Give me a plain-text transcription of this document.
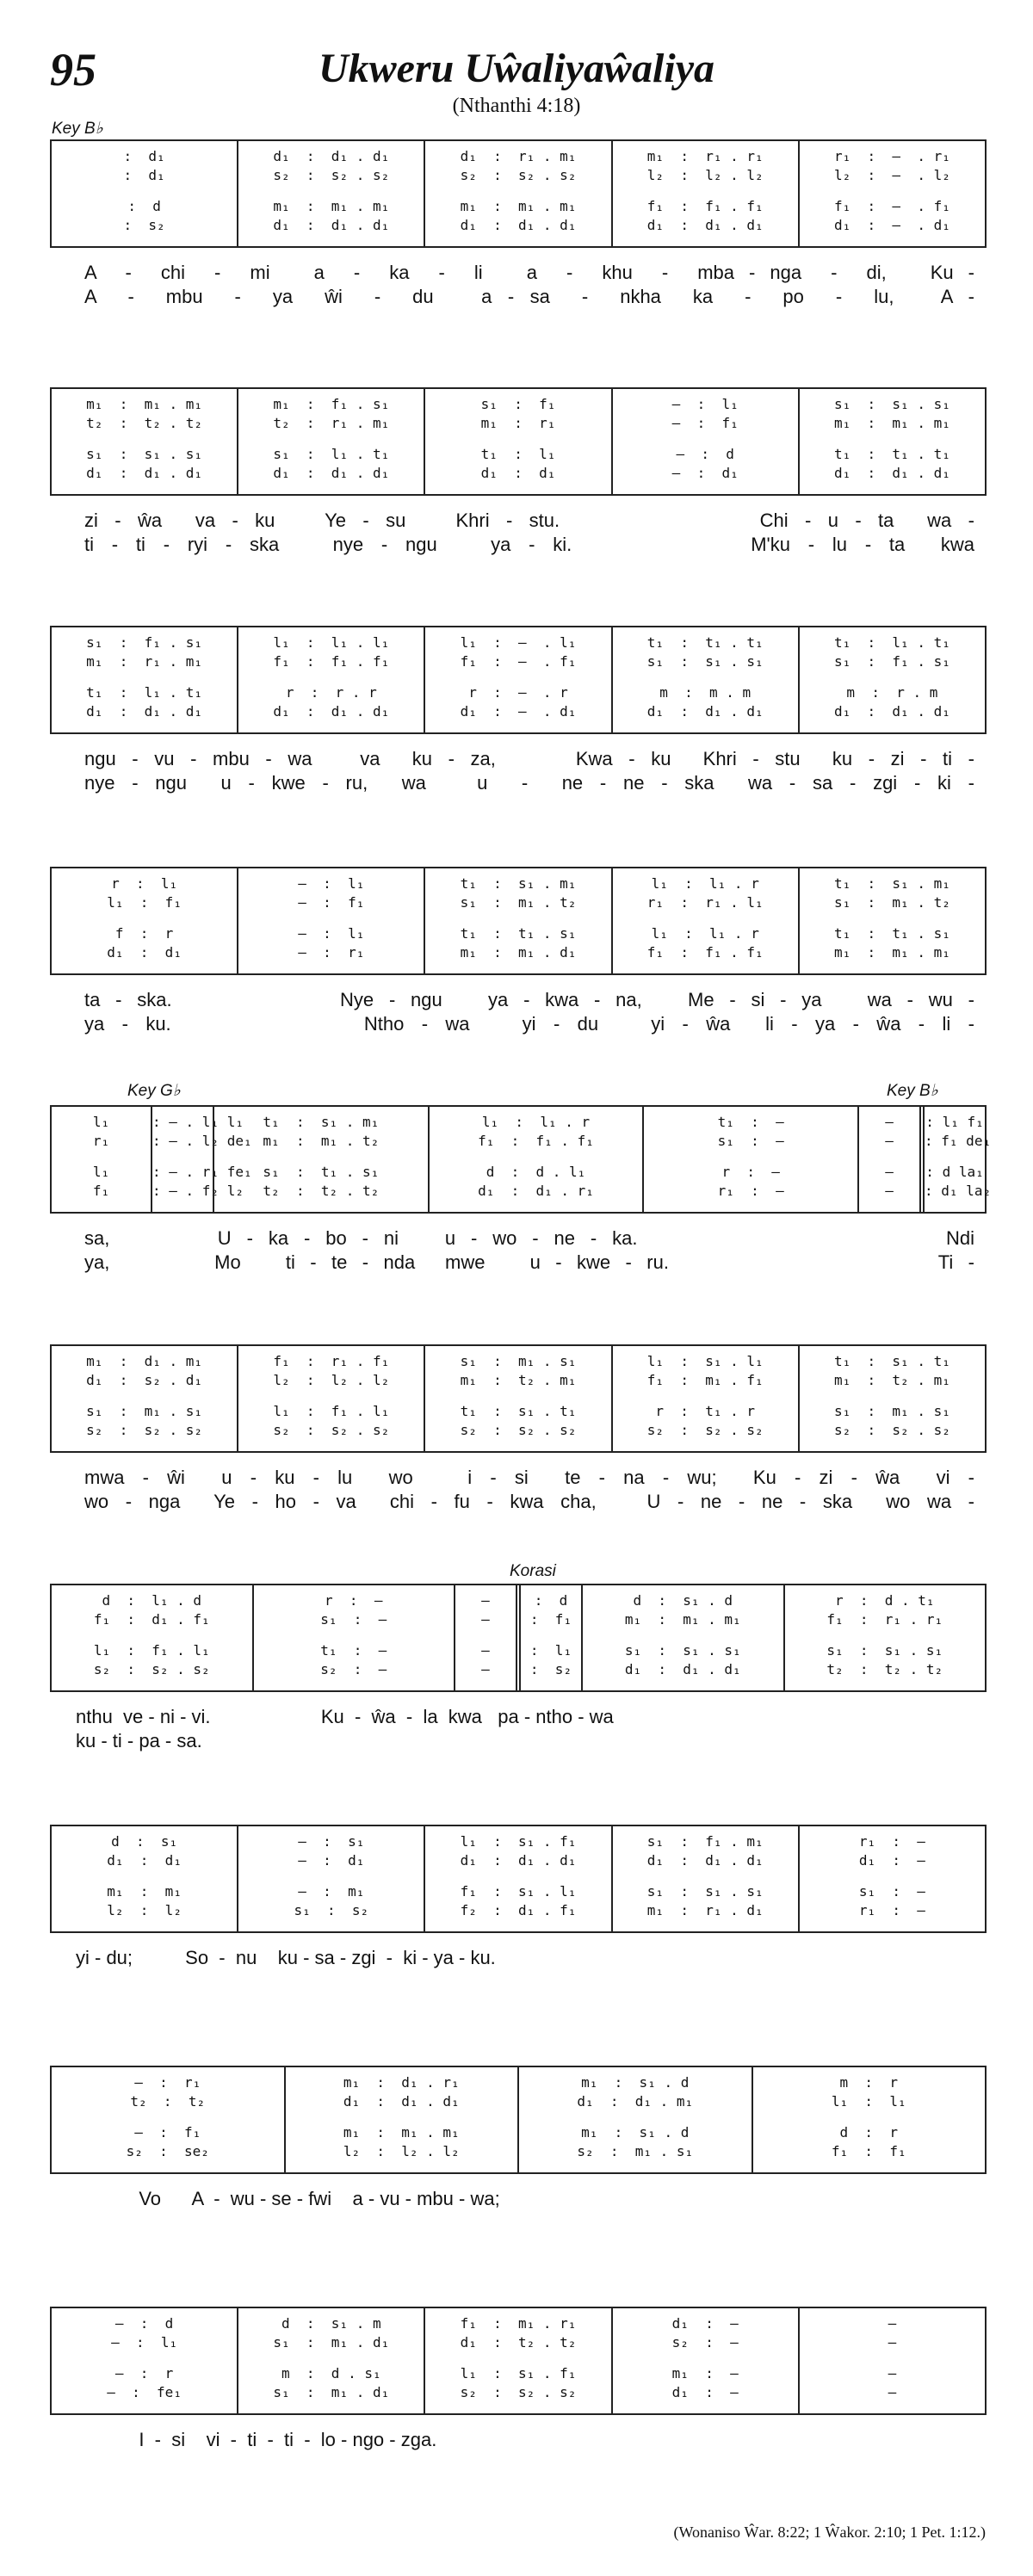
95	Ukweru Uŵaliyaŵaliya
(Nthanthi 4:18)
Key B♭
Key G♭	Key B♭
Korasi
:  d₁
:  d₁
:  d
:  s₂
d₁  :  d₁ . d₁
s₂  :  s₂ . s₂
m₁  :  m₁ . m₁
d₁  :  d₁ . d₁
d₁  :  r₁ . m₁
s₂  :  s₂ . s₂
m₁  :  m₁ . m₁
d₁  :  d₁ . d₁
m₁  :  r₁ . r₁
l₂  :  l₂ . l₂
f₁  :  f₁ . f₁
d₁  :  d₁ . d₁
r₁  :  –  . r₁
l₂  :  –  . l₂
f₁  :  –  . f₁
d₁  :  –  . d₁
A  -  chi  -  mi   a  -  ka  -  li   a  -  khu  -  mba - nga  -  di,   Ku -
A  -  mbu  -  ya  ŵi  -  du   a - sa  -  nkha  ka  -  po  -  lu,   A -
m₁  :  m₁ . m₁
t₂  :  t₂ . t₂
s₁  :  s₁ . s₁
d₁  :  d₁ . d₁
m₁  :  f₁ . s₁
t₂  :  r₁ . m₁
s₁  :  l₁ . t₁
d₁  :  d₁ . d₁
s₁  :  f₁
m₁  :  r₁
t₁  :  l₁
d₁  :  d₁
—  :  l₁
—  :  f₁
—  :  d
—  :  d₁
s₁  :  s₁ . s₁
m₁  :  m₁ . m₁
t₁  :  t₁ . t₁
d₁  :  d₁ . d₁
zi - ŵa  va - ku   Ye - su   Khri - stu.            Chi - u - ta  wa -
ti - ti - ryi - ska   nye - ngu   ya - ki.          M'ku - lu - ta  kwa
s₁  :  f₁ . s₁
m₁  :  r₁ . m₁
t₁  :  l₁ . t₁
d₁  :  d₁ . d₁
l₁  :  l₁ . l₁
f₁  :  f₁ . f₁
r  :  r . r
d₁  :  d₁ . d₁
l₁  :  –  . l₁
f₁  :  –  . f₁
r  :  –  . r
d₁  :  –  . d₁
t₁  :  t₁ . t₁
s₁  :  s₁ . s₁
m  :  m . m
d₁  :  d₁ . d₁
t₁  :  l₁ . t₁
s₁  :  f₁ . s₁
m  :  r . m
d₁  :  d₁ . d₁
ngu - vu - mbu - wa   va  ku - za,     Kwa - ku  Khri - stu  ku - zi - ti -
nye - ngu  u - kwe - ru,  wa   u  -  ne - ne - ska  wa - sa - zgi - ki -
r  :  l₁
l₁  :  f₁
f  :  r
d₁  :  d₁
—  :  l₁
—  :  f₁
—  :  l₁
—  :  r₁
t₁  :  s₁ . m₁
s₁  :  m₁ . t₂
t₁  :  t₁ . s₁
m₁  :  m₁ . d₁
l₁  :  l₁ . r
r₁  :  r₁ . l₁
l₁  :  l₁ . r
f₁  :  f₁ . f₁
t₁  :  s₁ . m₁
s₁  :  m₁ . t₂
t₁  :  t₁ . s₁
m₁  :  m₁ . m₁
ta - ska.           Nye - ngu   ya - kwa - na,   Me - si - ya   wa - wu -
ya - ku.           Ntho - wa   yi - du   yi - ŵa  li - ya - ŵa - li -
l₁
r₁
l₁
f₁
: – . l₁ l₁
: – . l₂ de₁
: – . r₁ fe₁
: – . f₂ l₂
t₁  :  s₁ . m₁
m₁  :  m₁ . t₂
s₁  :  t₁ . s₁
t₂  :  t₂ . t₂
l₁  :  l₁ . r
f₁  :  f₁ . f₁
d  :  d . l₁
d₁  :  d₁ . r₁
t₁  :  —
s₁  :  —
r  :  —
r₁  :  —
—
—
—
—
: l₁ f₁
: f₁ de₁
: d la₁
: d₁ la₂
sa,       U - ka - bo - ni   u - wo - ne - ka.                    Ndi
ya,       Mo   ti - te - nda  mwe   u - kwe - ru.                  Ti -
m₁  :  d₁ . m₁
d₁  :  s₂ . d₁
s₁  :  m₁ . s₁
s₂  :  s₂ . s₂
f₁  :  r₁ . f₁
l₂  :  l₂ . l₂
l₁  :  f₁ . l₁
s₂  :  s₂ . s₂
s₁  :  m₁ . s₁
m₁  :  t₂ . m₁
t₁  :  s₁ . t₁
s₂  :  s₂ . s₂
l₁  :  s₁ . l₁
f₁  :  m₁ . f₁
r  :  t₁ . r
s₂  :  s₂ . s₂
t₁  :  s₁ . t₁
m₁  :  t₂ . m₁
s₁  :  m₁ . s₁
s₂  :  s₂ . s₂
mwa - ŵi  u - ku - lu  wo   i - si  te - na - wu;  Ku - zi - ŵa  vi -
wo - nga  Ye - ho - va  chi - fu - kwa cha,   U - ne - ne - ska  wo wa -
d  :  l₁ . d
f₁  :  d₁ . f₁
l₁  :  f₁ . l₁
s₂  :  s₂ . s₂
r  :  —
s₁  :  —
t₁  :  —
s₂  :  —
—
—
—
—
:  d
:  f₁
:  l₁
:  s₂
d  :  s₁ . d
m₁  :  m₁ . m₁
s₁  :  s₁ . s₁
d₁  :  d₁ . d₁
r  :  d . t₁
f₁  :  r₁ . r₁
s₁  :  s₁ . s₁
t₂  :  t₂ . t₂
nthu  ve - ni - vi.                     Ku  -  ŵa  -  la  kwa   pa - ntho - wa
ku - ti - pa - sa.
d  :  s₁
d₁  :  d₁
m₁  :  m₁
l₂  :  l₂
—  :  s₁
—  :  d₁
—  :  m₁
s₁  :  s₂
l₁  :  s₁ . f₁
d₁  :  d₁ . d₁
f₁  :  s₁ . l₁
f₂  :  d₁ . f₁
s₁  :  f₁ . m₁
d₁  :  d₁ . d₁
s₁  :  s₁ . s₁
m₁  :  r₁ . d₁
r₁  :  —
d₁  :  —
s₁  :  —
r₁  :  —
yi - du;          So  -  nu    ku - sa - zgi  -  ki - ya - ku.
—  :  r₁
t₂  :  t₂
—  :  f₁
s₂  :  se₂
m₁  :  d₁ . r₁
d₁  :  d₁ . d₁
m₁  :  m₁ . m₁
l₂  :  l₂ . l₂
m₁  :  s₁ . d
d₁  :  d₁ . m₁
m₁  :  s₁ . d
s₂  :  m₁ . s₁
m  :  r
l₁  :  l₁
d  :  r
f₁  :  f₁
Vo      A  -  wu - se - fwi    a - vu - mbu - wa;
—  :  d
—  :  l₁
—  :  r
—  :  fe₁
d  :  s₁ . m
s₁  :  m₁ . d₁
m  :  d . s₁
s₁  :  m₁ . d₁
f₁  :  m₁ . r₁
d₁  :  t₂ . t₂
l₁  :  s₁ . f₁
s₂  :  s₂ . s₂
d₁  :  —
s₂  :  —
m₁  :  —
d₁  :  —
—
—
—
—
I  -  si    vi  -  ti  -  ti  -  lo - ngo - zga.
(Wonaniso Ŵar. 8:22; 1 Ŵakor. 2:10; 1 Pet. 1:12.)
